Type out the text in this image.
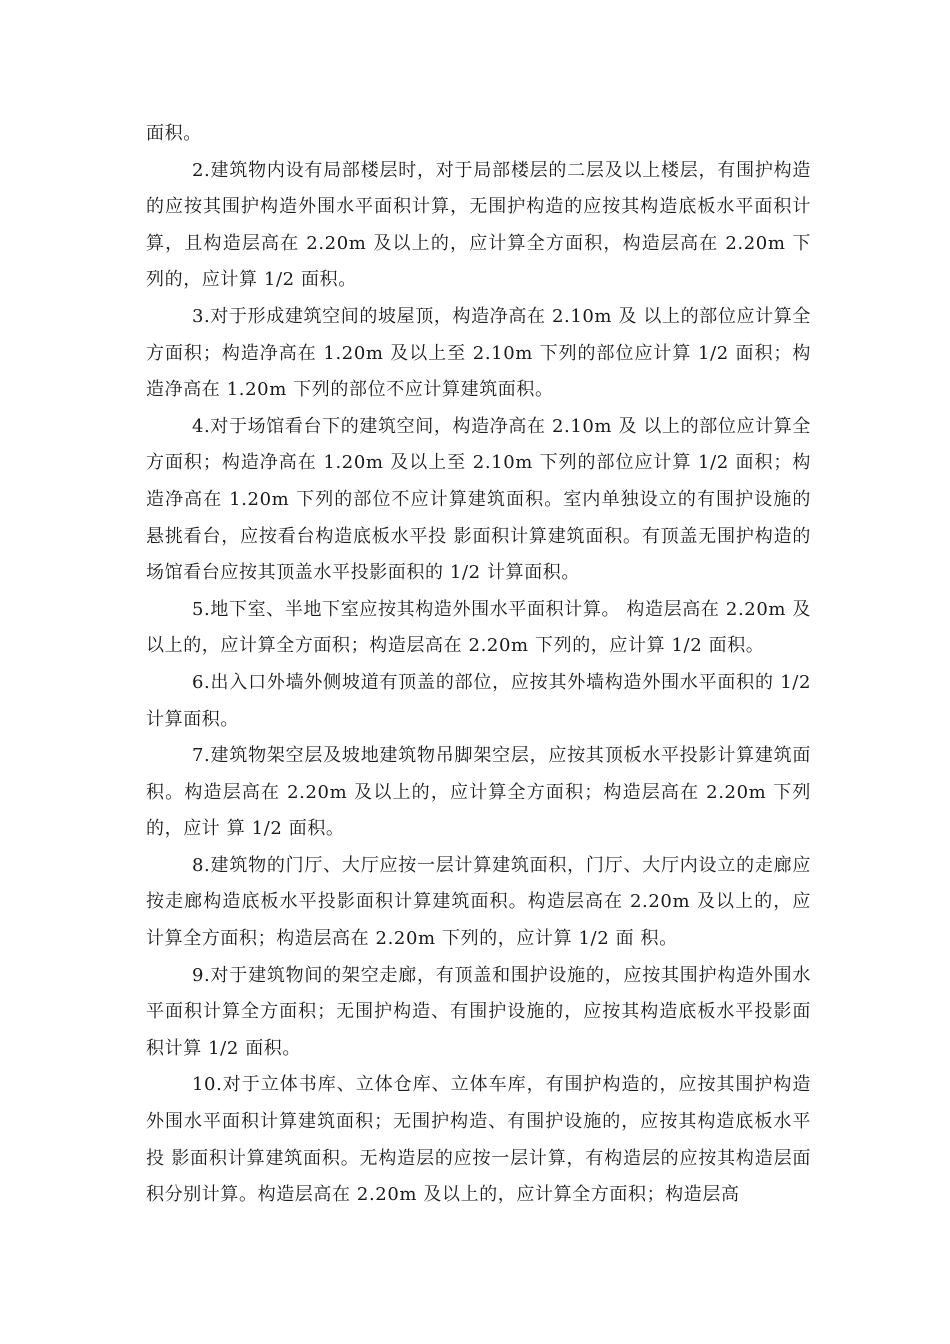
面积。

2.建筑物内设有局部楼层时，对于局部楼层的二层及以上楼层，有围护构造的应按其围护构造外围水平面积计算，无围护构造的应按其构造底板水平面积计 算，且构造层高在 2.20m 及以上的，应计算全方面积，构造层高在 2.20m 下列的，应计算 1/2 面积。

3.对于形成建筑空间的坡屋顶，构造净高在 2.10m 及 以上的部位应计算全方面积；构造净高在 1.20m 及以上至 2.10m 下列的部位应计算 1/2 面积；构造净高在 1.20m 下列的部位不应计算建筑面积。

4.对于场馆看台下的建筑空间，构造净高在 2.10m 及 以上的部位应计算全方面积；构造净高在 1.20m 及以上至 2.10m 下列的部位应计算 1/2 面积；构造净高在 1.20m 下列的部位不应计算建筑面积。室内单独设立的有围护设施的悬挑看台，应按看台构造底板水平投 影面积计算建筑面积。有顶盖无围护构造的场馆看台应按其顶盖水平投影面积的 1/2 计算面积。

5.地下室、半地下室应按其构造外围水平面积计算。 构造层高在 2.20m 及以上的，应计算全方面积；构造层高在 2.20m 下列的，应计算 1/2 面积。

6.出入口外墙外侧坡道有顶盖的部位，应按其外墙构造外围水平面积的 1/2 计算面积。

7.建筑物架空层及坡地建筑物吊脚架空层，应按其顶板水平投影计算建筑面积。构造层高在 2.20m 及以上的，应计算全方面积；构造层高在 2.20m 下列的，应计 算 1/2 面积。

8.建筑物的门厅、大厅应按一层计算建筑面积，门厅、大厅内设立的走廊应按走廊构造底板水平投影面积计算建筑面积。构造层高在 2.20m 及以上的，应计算全方面积；构造层高在 2.20m 下列的，应计算 1/2 面 积。

9.对于建筑物间的架空走廊，有顶盖和围护设施的，应按其围护构造外围水平面积计算全方面积；无围护构造、有围护设施的，应按其构造底板水平投影面积计算 1/2 面积。

10.对于立体书库、立体仓库、立体车库，有围护构造的，应按其围护构造外围水平面积计算建筑面积；无围护构造、有围护设施的，应按其构造底板水平投 影面积计算建筑面积。无构造层的应按一层计算，有构造层的应按其构造层面积分别计算。构造层高在 2.20m 及以上的，应计算全方面积；构造层高
